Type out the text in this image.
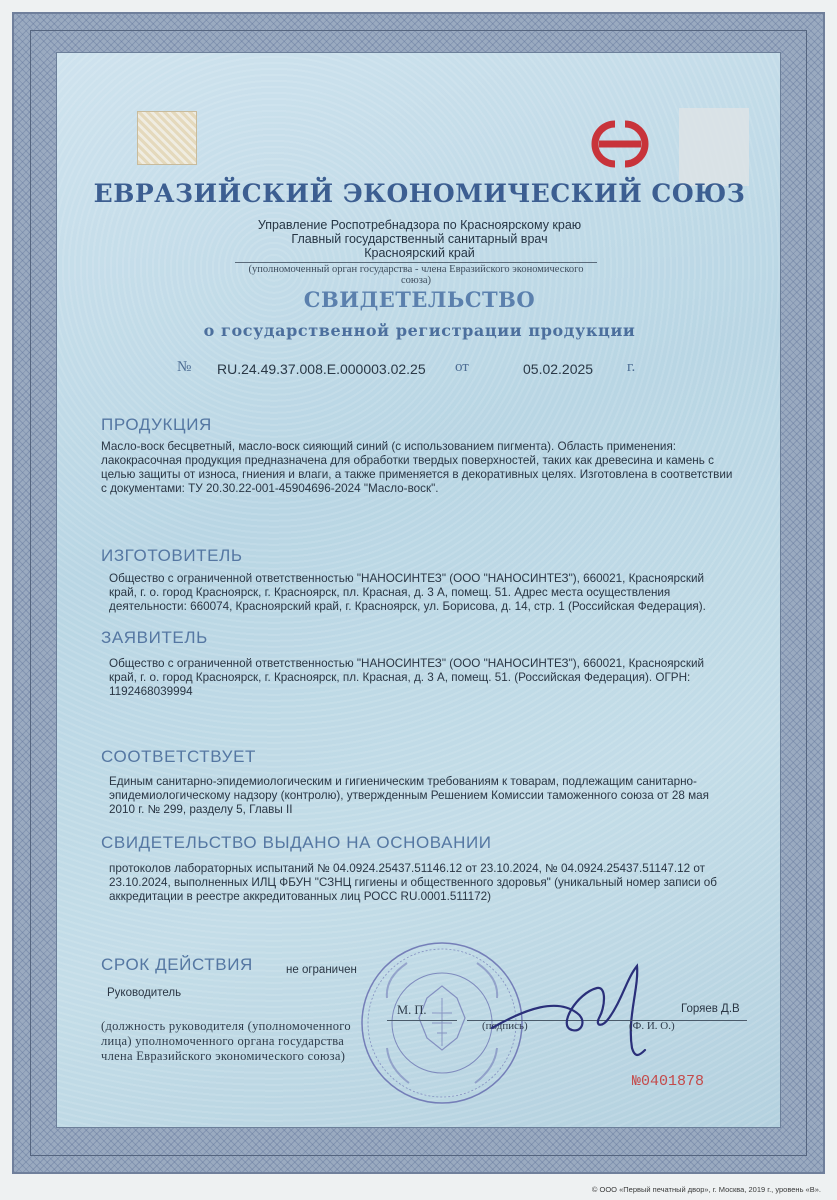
ЕВРАЗИЙСКИЙ ЭКОНОМИЧЕСКИЙ СОЮЗ
Управление Роспотребнадзора по Красноярскому краю
Главный государственный санитарный врач
Красноярский край
(уполномоченный орган государства - члена Евразийского экономического союза)
СВИДЕТЕЛЬСТВО
о государственной регистрации продукции
№ RU.24.49.37.008.Е.000003.02.25 от	05.02.2025 г.
ПРОДУКЦИЯ
Масло-воск бесцветный, масло-воск сияющий синий (с использованием пигмента). Область применения: лакокрасочная продукция предназначена для обработки твердых поверхностей, таких как древесина и камень с целью защиты от износа, гниения и влаги, а также применяется в декоративных целях. Изготовлена в соответствии с документами: ТУ 20.30.22-001-45904696-2024 "Масло-воск".
ИЗГОТОВИТЕЛЬ
Общество с ограниченной ответственностью "НАНОСИНТЕЗ" (ООО "НАНОСИНТЕЗ"), 660021, Красноярский край, г. о. город Красноярск, г. Красноярск, пл. Красная, д. 3 А, помещ. 51. Адрес места осуществления деятельности: 660074, Красноярский край, г. Красноярск, ул. Борисова, д. 14, стр. 1 (Российская Федерация).
ЗАЯВИТЕЛЬ
Общество с ограниченной ответственностью "НАНОСИНТЕЗ" (ООО "НАНОСИНТЕЗ"), 660021, Красноярский край, г. о. город Красноярск, г. Красноярск, пл. Красная, д. 3 А, помещ. 51. (Российская Федерация). ОГРН: 1192468039994
СООТВЕТСТВУЕТ
Единым санитарно-эпидемиологическим и гигиеническим требованиям к товарам, подлежащим санитарно-эпидемиологическому надзору (контролю), утвержденным Решением Комиссии таможенного союза от 28 мая 2010 г. № 299, разделу 5, Главы II
СВИДЕТЕЛЬСТВО ВЫДАНО НА ОСНОВАНИИ
протоколов лабораторных испытаний № 04.0924.25437.51146.12 от 23.10.2024, № 04.0924.25437.51147.12 от 23.10.2024, выполненных ИЛЦ ФБУН "СЗНЦ гигиены и общественного здоровья" (уникальный номер записи об аккредитации в реестре аккредитованных лиц РОСС RU.0001.511172)
СРОК ДЕЙСТВИЯ	не ограничен
Руководитель
М. П.
(подпись)
Горяев Д.В
(Ф. И. О.)
(должность руководителя (уполномоченного
лица) уполномоченного органа государства
члена Евразийского экономического союза)
№0401878
© ООО «Первый печатный двор», г. Москва, 2019 г., уровень «В».
